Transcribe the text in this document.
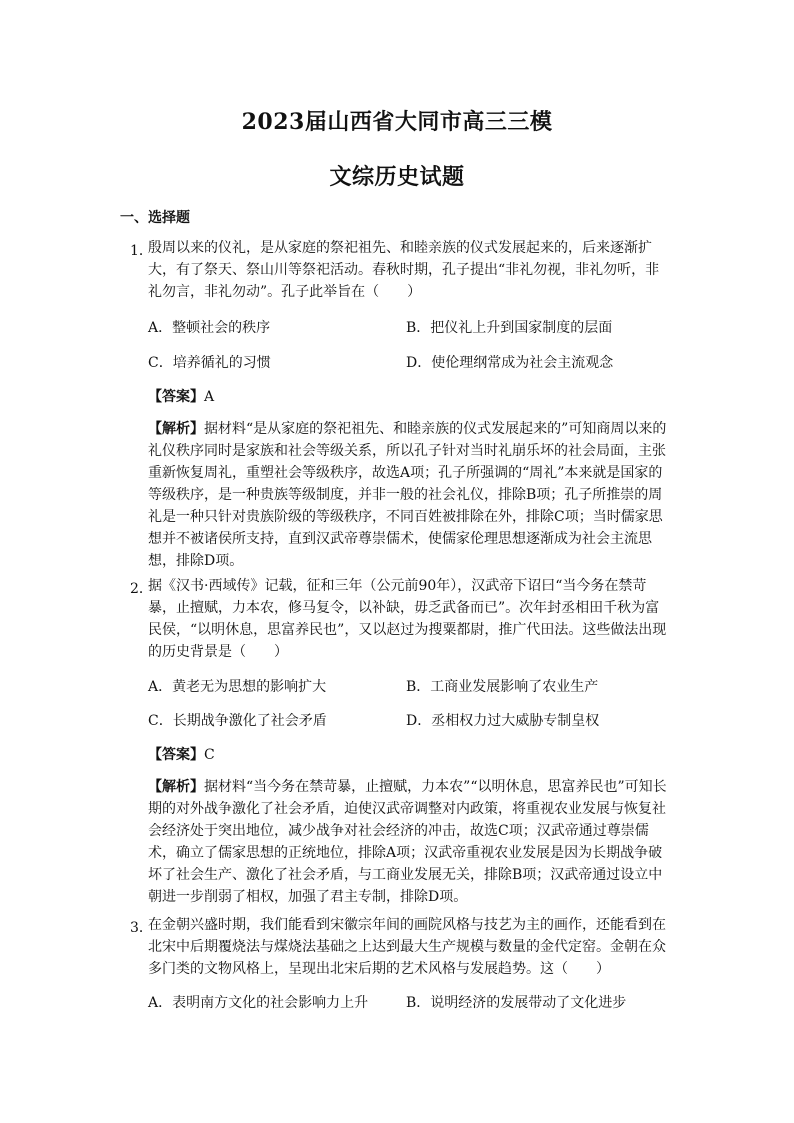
2023届山西省大同市高三三模
文综历史试题
一、选择题
1．
殷周以来的仪礼，是从家庭的祭祀祖先、和睦亲族的仪式发展起来的，后来逐渐扩大，有了祭天、祭山川等祭祀活动。春秋时期，孔子提出“非礼勿视，非礼勿听，非礼勿言，非礼勿动”。孔子此举旨在（　　）
A．整顿社会的秩序	B．把仪礼上升到国家制度的层面
C．培养循礼的习惯	D．使伦理纲常成为社会主流观念
【答案】A
【解析】据材料“是从家庭的祭祀祖先、和睦亲族的仪式发展起来的”可知商周以来的礼仪秩序同时是家族和社会等级关系，所以孔子针对当时礼崩乐坏的社会局面，主张重新恢复周礼，重塑社会等级秩序，故选A项；孔子所强调的“周礼”本来就是国家的等级秩序，是一种贵族等级制度，并非一般的社会礼仪，排除B项；孔子所推崇的周礼是一种只针对贵族阶级的等级秩序，不同百姓被排除在外，排除C项；当时儒家思想并不被诸侯所支持，直到汉武帝尊崇儒术，使儒家伦理思想逐渐成为社会主流思想，排除D项。
2．
据《汉书·西域传》记载，征和三年（公元前90年），汉武帝下诏曰“当今务在禁苛暴，止擅赋，力本农，修马复令，以补缺，毋乏武备而已”。次年封丞相田千秋为富民侯，“以明休息，思富养民也”，又以赵过为搜粟都尉，推广代田法。这些做法出现的历史背景是（　　）
A．黄老无为思想的影响扩大	B．工商业发展影响了农业生产
C．长期战争激化了社会矛盾	D．丞相权力过大威胁专制皇权
【答案】C
【解析】据材料“当今务在禁苛暴，止擅赋，力本农”“以明休息，思富养民也”可知长期的对外战争激化了社会矛盾，迫使汉武帝调整对内政策，将重视农业发展与恢复社会经济处于突出地位，减少战争对社会经济的冲击，故选C项；汉武帝通过尊崇儒术，确立了儒家思想的正统地位，排除A项；汉武帝重视农业发展是因为长期战争破坏了社会生产、激化了社会矛盾，与工商业发展无关，排除B项；汉武帝通过设立中朝进一步削弱了相权，加强了君主专制，排除D项。
3．
在金朝兴盛时期，我们能看到宋徽宗年间的画院风格与技艺为主的画作，还能看到在北宋中后期覆烧法与煤烧法基础之上达到最大生产规模与数量的金代定窑。金朝在众多门类的文物风格上，呈现出北宋后期的艺术风格与发展趋势。这（　　）
A．表明南方文化的社会影响力上升	B．说明经济的发展带动了文化进步
